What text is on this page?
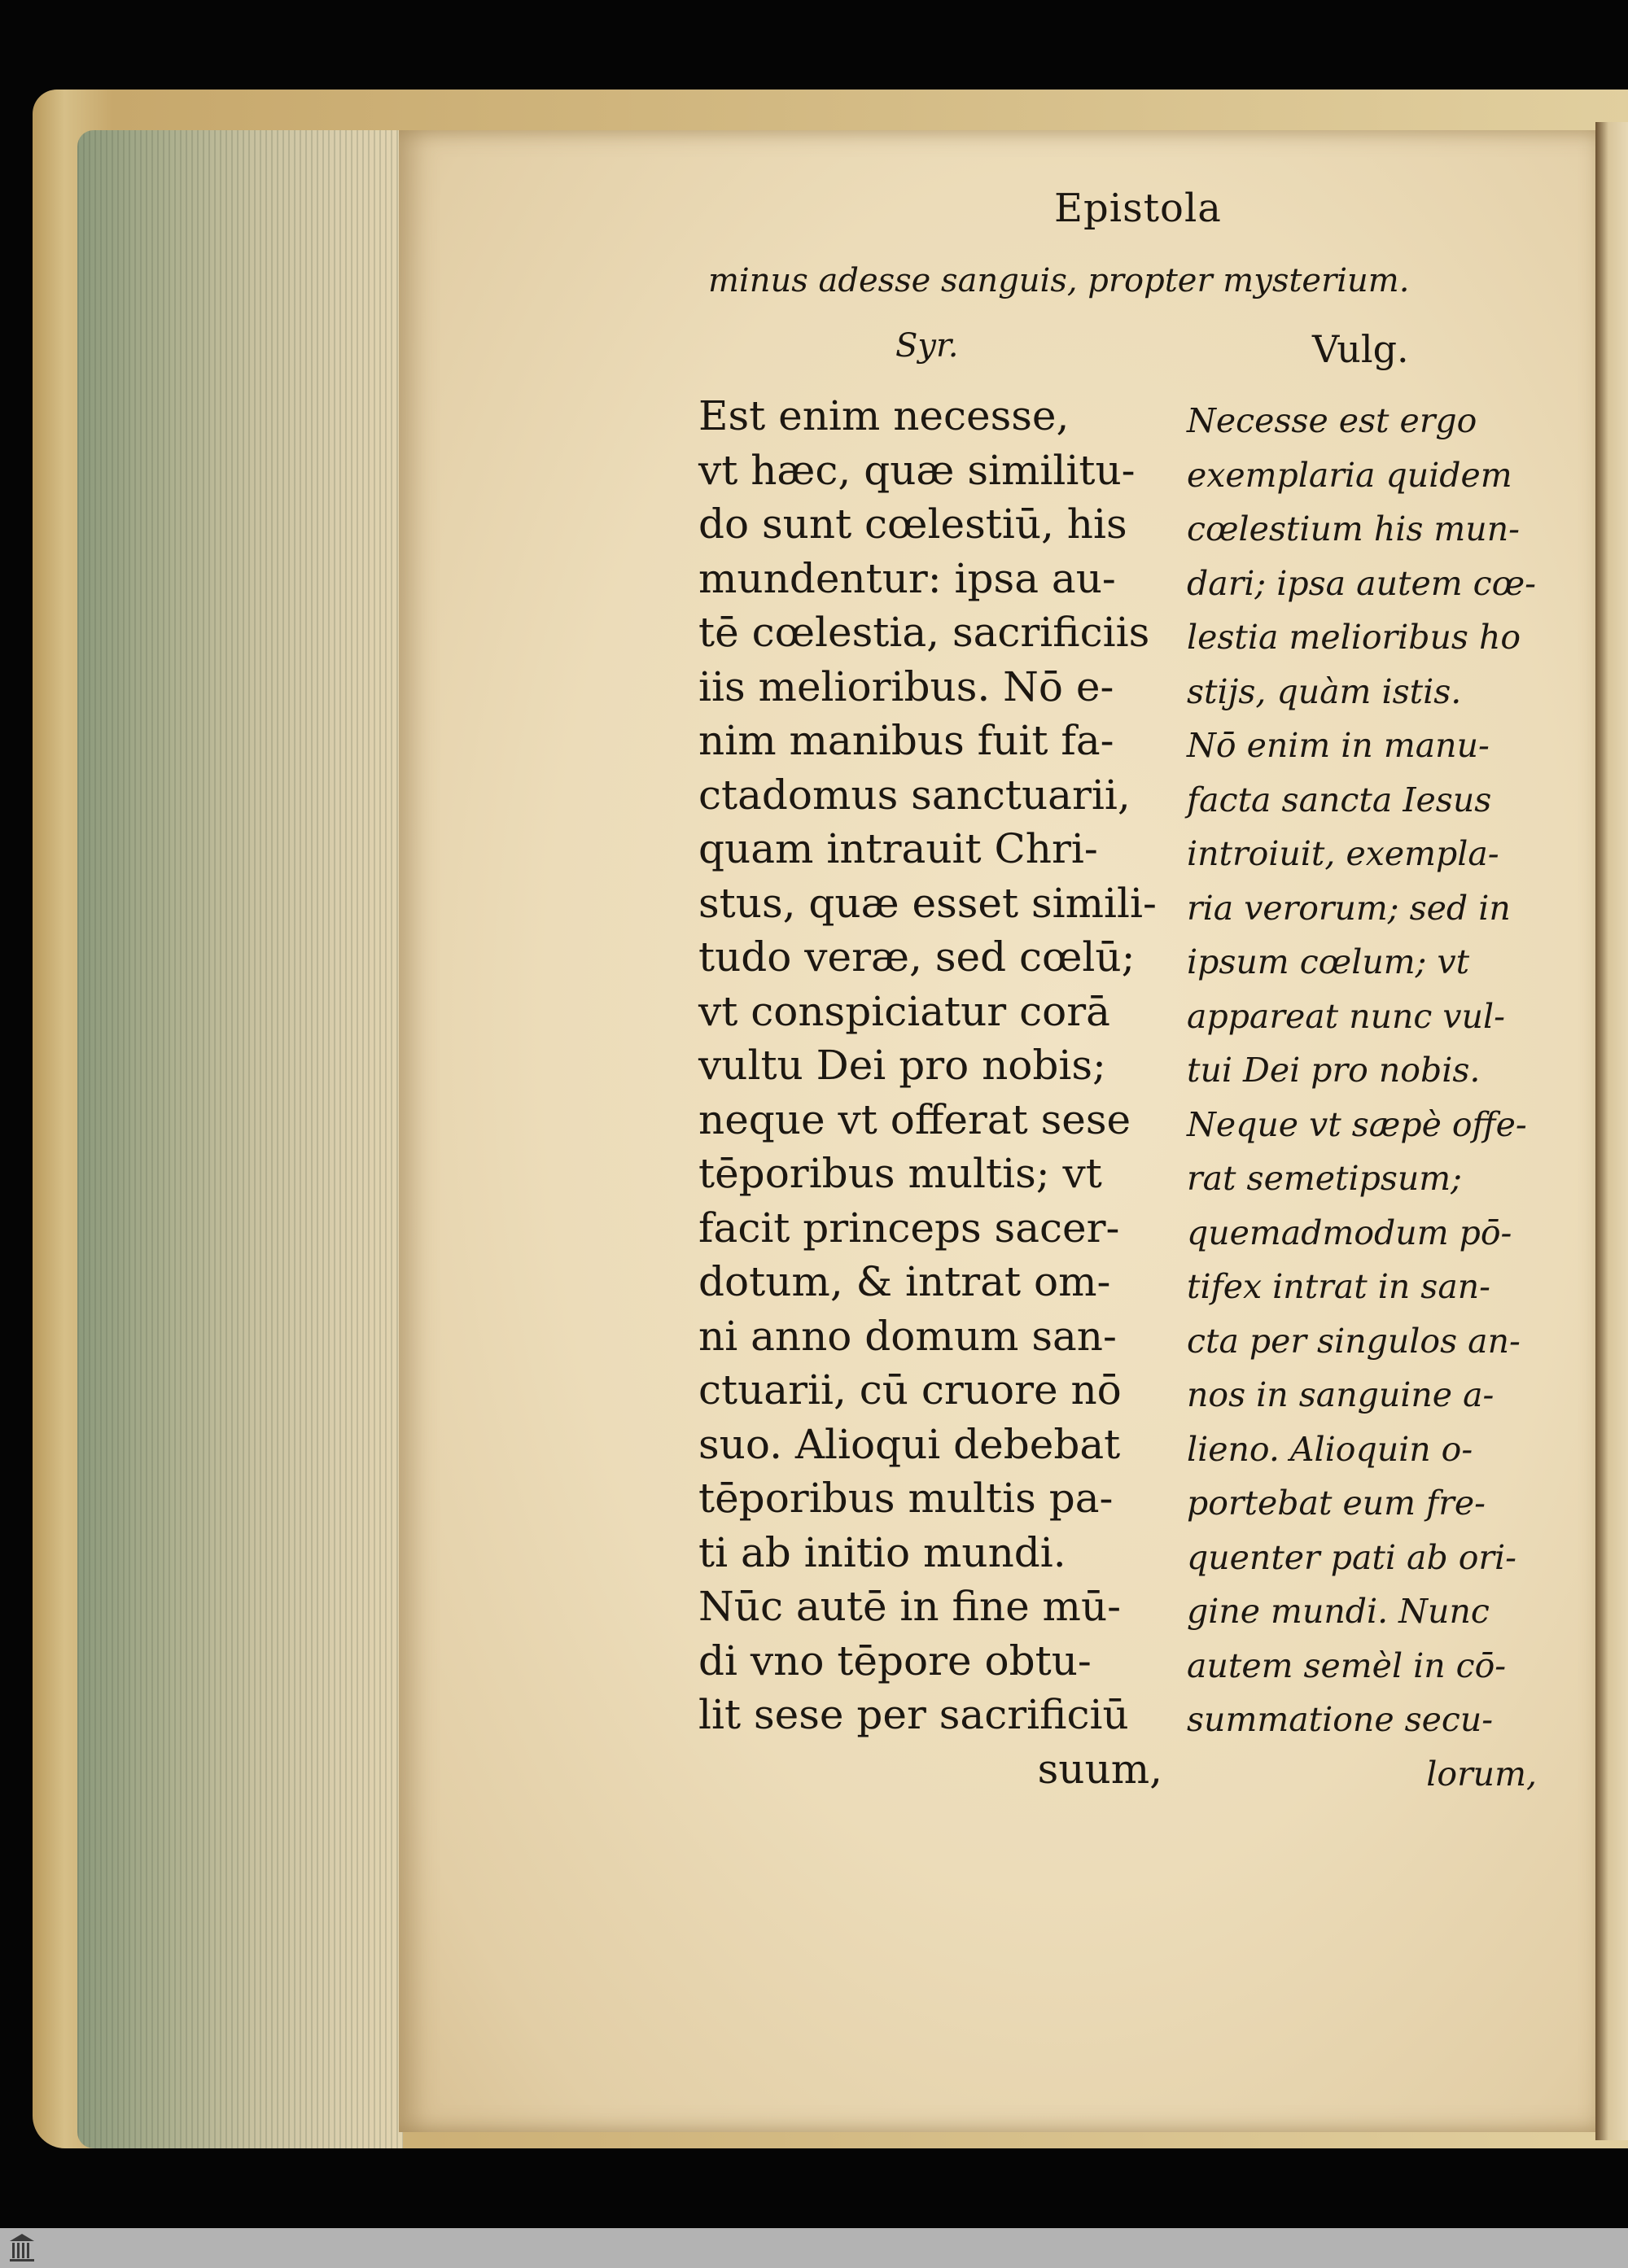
Epistola
minus adesse sanguis, propter mysterium.
Syr.	Vulg.
Est enim necesse,
vt hæc, quæ similitu-
do sunt cœlestiū, his
mundentur: ipsa au-
tē cœlestia, sacrificiis
iis melioribus. Nō e-
nim manibus fuit fa-
ctadomus sanctuarii,
quam intrauit Chri-
stus, quæ esset simili-
tudo veræ, sed cœlū;
vt conspiciatur corā
vultu Dei pro nobis;
neque vt offerat sese
tēporibus multis; vt
facit princeps sacer-
dotum, & intrat om-
ni anno domum san-
ctuarii, cū cruore nō
suo. Alioqui debebat
tēporibus multis pa-
ti ab initio mundi.
Nūc autē in fine mū-
di vno tēpore obtu-
lit sese per sacrificiū
suum,
Necesse est ergo
exemplaria quidem
cœlestium his mun-
dari; ipsa autem cœ-
lestia melioribus ho
stijs, quàm istis.
Nō enim in manu-
facta sancta Iesus
introiuit, exempla-
ria verorum; sed in
ipsum cœlum; vt
appareat nunc vul-
tui Dei pro nobis.
Neque vt sæpè offe-
rat semetipsum;
quemadmodum pō-
tifex intrat in san-
cta per singulos an-
nos in sanguine a-
lieno. Alioquin o-
portebat eum fre-
quenter pati ab ori-
gine mundi. Nunc
autem semèl in cō-
summatione secu-
lorum,
